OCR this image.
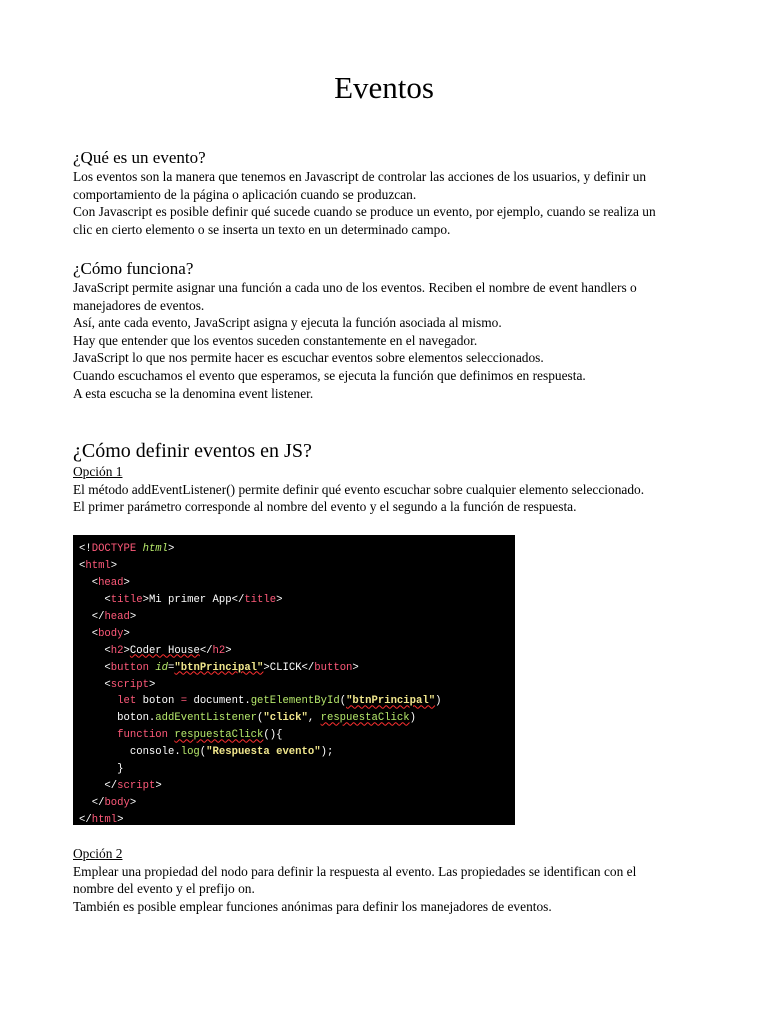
Eventos
¿Qué es un evento?

Los eventos son la manera que tenemos en Javascript de controlar las acciones de los usuarios, y definir un
comportamiento de la página o aplicación cuando se produzcan.
Con Javascript es posible definir qué sucede cuando se produce un evento, por ejemplo, cuando se realiza un
clic en cierto elemento o se inserta un texto en un determinado campo.

¿Cómo funciona?

JavaScript permite asignar una función a cada uno de los eventos. Reciben el nombre de event handlers o
manejadores de eventos.
Así, ante cada evento, JavaScript asigna y ejecuta la función asociada al mismo.
Hay que entender que los eventos suceden constantemente en el navegador.
JavaScript lo que nos permite hacer es escuchar eventos sobre elementos seleccionados.
Cuando escuchamos el evento que esperamos, se ejecuta la función que definimos en respuesta.
A esta escucha se la denomina event listener.

¿Cómo definir eventos en JS?

Opción 1
El método addEventListener() permite definir qué evento escuchar sobre cualquier elemento seleccionado.
El primer parámetro corresponde al nombre del evento y el segundo a la función de respuesta.

<!DOCTYPE html>
<html>
<head>
<title>Mi primer App</title>
</head>
<body>
<h2>Coder House</h2>
<button id="btnPrincipal">CLICK</button>
<script>
let boton = document.getElementById("btnPrincipal")
boton.addEventListener("click", respuestaClick)
function respuestaClick(){
console.log("Respuesta evento");
}
</script>
</body>
</html>

Opción 2
Emplear una propiedad del nodo para definir la respuesta al evento. Las propiedades se identifican con el
nombre del evento y el prefijo on.
También es posible emplear funciones anónimas para definir los manejadores de eventos.
